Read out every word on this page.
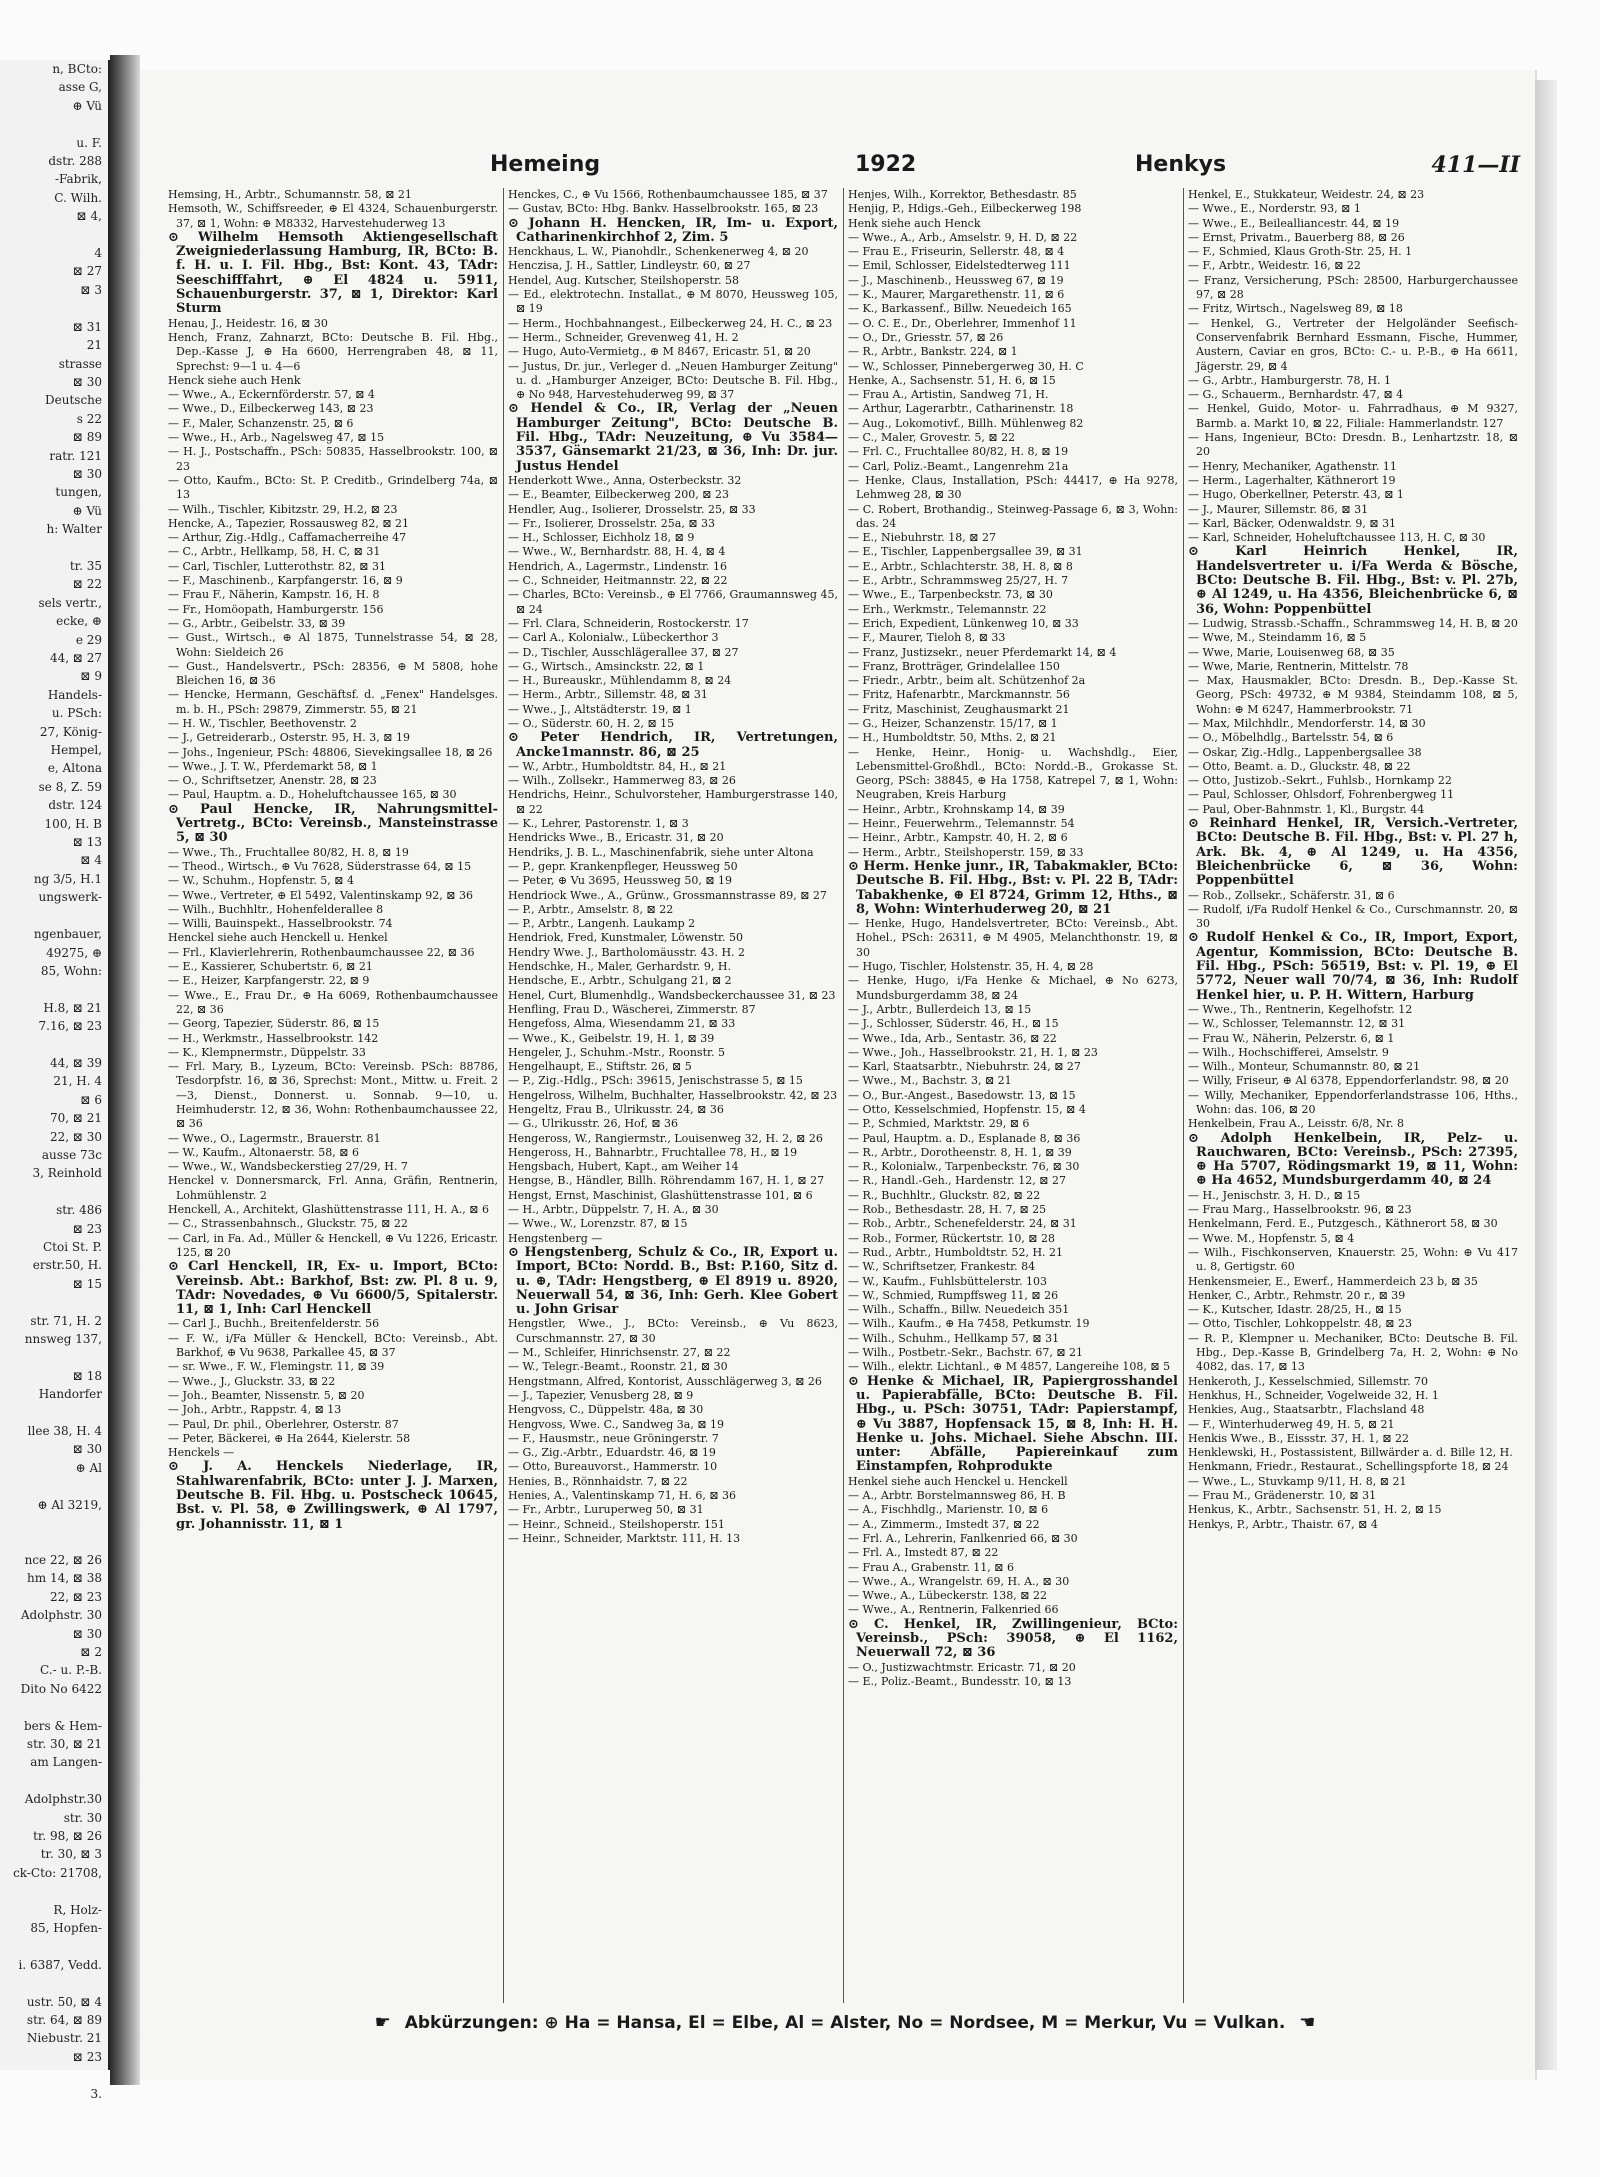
n, BCto:
asse G,
⊕ Vü

u. F.
dstr. 288
-Fabrik,
C. Wilh.
⊠ 4,

4
⊠ 27
⊠ 3

⊠ 31
21
strasse
⊠ 30
Deutsche
s 22
⊠ 89
ratr. 121
⊠ 30
tungen,
⊕ Vü
h: Walter

tr. 35
⊠ 22
sels vertr.,
ecke, ⊕
e 29
44, ⊠ 27
⊠ 9
Handels-
u. PSch:
27, König-
Hempel,
e, Altona
se 8, Z. 59
dstr. 124
100, H. B
⊠ 13
⊠ 4
ng 3/5, H.1
ungswerk-

ngenbauer,
49275, ⊕
85, Wohn:

H.8, ⊠ 21
7.16, ⊠ 23

44, ⊠ 39
21, H. 4
⊠ 6
70, ⊠ 21
22, ⊠ 30
ausse 73c
3, Reinhold

str. 486
⊠ 23
Ctoi St. P.
erstr.50, H.
⊠ 15

str. 71, H. 2
nnsweg 137,

⊠ 18
Handorfer

llee 38, H. 4
⊠ 30
⊕ Al

⊕ Al 3219,

nce 22, ⊠ 26
hm 14, ⊠ 38
22, ⊠ 23
Adolphstr. 30
⊠ 30
⊠ 2
C.- u. P.-B.
Dito No 6422

bers & Hem-
str. 30, ⊠ 21
am Langen-

Adolphstr.30
str. 30
tr. 98, ⊠ 26
tr. 30, ⊠ 3
ck-Cto: 21708,

R, Holz-
85, Hopfen-

i. 6387, Vedd.

ustr. 50, ⊠ 4
str. 64, ⊠ 89
Niebustr. 21
⊠ 23

3.
Hemeing	1922	Henkys	411—II

Hemsing, H., Arbtr., Schumannstr. 58, ⊠ 21

Hemsoth, W., Schiffsreeder, ⊕ El 4324, Schauenburgerstr. 37, ⊠ 1, Wohn: ⊕ M8332, Harvestehuderweg 13

⊙ Wilhelm Hemsoth Aktiengesellschaft Zweigniederlassung Hamburg, IR, BCto: B. f. H. u. I. Fil. Hbg., Bst: Kont. 43, TAdr: Seeschifffahrt, ⊕ El 4824 u. 5911, Schauenburgerstr. 37, ⊠ 1, Direktor: Karl Sturm

Henau, J., Heidestr. 16, ⊠ 30

Hench, Franz, Zahnarzt, BCto: Deutsche B. Fil. Hbg., Dep.-Kasse J, ⊕ Ha 6600, Herrengraben 48, ⊠ 11, Sprechst: 9—1 u. 4—6

Henck siehe auch Henk

— Wwe., A., Eckernförderstr. 57, ⊠ 4

— Wwe., D., Eilbeckerweg 143, ⊠ 23

— F., Maler, Schanzenstr. 25, ⊠ 6

— Wwe., H., Arb., Nagelsweg 47, ⊠ 15

— H. J., Postschaffn., PSch: 50835, Hasselbrookstr. 100, ⊠ 23

— Otto, Kaufm., BCto: St. P. Creditb., Grindelberg 74a, ⊠ 13

— Wilh., Tischler, Kibitzstr. 29, H.2, ⊠ 23

Hencke, A., Tapezier, Rossausweg 82, ⊠ 21

— Arthur, Zig.-Hdlg., Caffamacherreihe 47

— C., Arbtr., Hellkamp, 58, H. C, ⊠ 31

— Carl, Tischler, Lutterothstr. 82, ⊠ 31

— F., Maschinenb., Karpfangerstr. 16, ⊠ 9

— Frau F., Näherin, Kampstr. 16, H. 8

— Fr., Homöopath, Hamburgerstr. 156

— G., Arbtr., Geibelstr. 33, ⊠ 39

— Gust., Wirtsch., ⊕ Al 1875, Tunnelstrasse 54, ⊠ 28, Wohn: Sieldeich 26

— Gust., Handelsvertr., PSch: 28356, ⊕ M 5808, hohe Bleichen 16, ⊠ 36

— Hencke, Hermann, Geschäftsf. d. „Fenex" Handelsges. m. b. H., PSch: 29879, Zimmerstr. 55, ⊠ 21

— H. W., Tischler, Beethovenstr. 2

— J., Getreiderarb., Osterstr. 95, H. 3, ⊠ 19

— Johs., Ingenieur, PSch: 48806, Sievekingsallee 18, ⊠ 26

— Wwe., J. T. W., Pferdemarkt 58, ⊠ 1

— O., Schriftsetzer, Anenstr. 28, ⊠ 23

— Paul, Hauptm. a. D., Hoheluftchaussee 165, ⊠ 30

⊙ Paul Hencke, IR, Nahrungsmittel-Vertretg., BCto: Vereinsb., Mansteinstrasse 5, ⊠ 30

— Wwe., Th., Fruchtallee 80/82, H. 8, ⊠ 19

— Theod., Wirtsch., ⊕ Vu 7628, Süderstrasse 64, ⊠ 15

— W., Schuhm., Hopfenstr. 5, ⊠ 4

— Wwe., Vertreter, ⊕ El 5492, Valentinskamp 92, ⊠ 36

— Wilh., Buchhltr., Hohenfelderallee 8

— Willi, Bauinspekt., Hasselbrookstr. 74

Henckel siehe auch Henckell u. Henkel

— Frl., Klavierlehrerin, Rothenbaumchaussee 22, ⊠ 36

— E., Kassierer, Schubertstr. 6, ⊠ 21

— E., Heizer, Karpfangerstr. 22, ⊠ 9

— Wwe., E., Frau Dr., ⊕ Ha 6069, Rothenbaumchaussee 22, ⊠ 36

— Georg, Tapezier, Süderstr. 86, ⊠ 15

— H., Werkmstr., Hasselbrookstr. 142

— K., Klempnermstr., Düppelstr. 33

— Frl. Mary, B., Lyzeum, BCto: Vereinsb. PSch: 88786, Tesdorpfstr. 16, ⊠ 36, Sprechst: Mont., Mittw. u. Freit. 2—3, Dienst., Donnerst. u. Sonnab. 9—10, u. Heimhuderstr. 12, ⊠ 36, Wohn: Rothenbaumchaussee 22, ⊠ 36

— Wwe., O., Lagermstr., Brauerstr. 81

— W., Kaufm., Altonaerstr. 58, ⊠ 6

— Wwe., W., Wandsbeckerstieg 27/29, H. 7

Henckel v. Donnersmarck, Frl. Anna, Gräfin, Rentnerin, Lohmühlenstr. 2

Henckell, A., Architekt, Glashüttenstrasse 111, H. A., ⊠ 6

— C., Strassenbahnsch., Gluckstr. 75, ⊠ 22

— Carl, in Fa. Ad., Müller & Henckell, ⊕ Vu 1226, Ericastr. 125, ⊠ 20

⊙ Carl Henckell, IR, Ex- u. Import, BCto: Vereinsb. Abt.: Barkhof, Bst: zw. Pl. 8 u. 9, TAdr: Novedades, ⊕ Vu 6600/5, Spitalerstr. 11, ⊠ 1, Inh: Carl Henckell

— Carl J., Buchh., Breitenfelderstr. 56

— F. W., i/Fa Müller & Henckell, BCto: Vereinsb., Abt. Barkhof, ⊕ Vu 9638, Parkallee 45, ⊠ 37

— sr. Wwe., F. W., Flemingstr. 11, ⊠ 39

— Wwe., J., Gluckstr. 33, ⊠ 22

— Joh., Beamter, Nissenstr. 5, ⊠ 20

— Joh., Arbtr., Rappstr. 4, ⊠ 13

— Paul, Dr. phil., Oberlehrer, Osterstr. 87

— Peter, Bäckerei, ⊕ Ha 2644, Kielerstr. 58

Henckels —

⊙ J. A. Henckels Niederlage, IR, Stahlwarenfabrik, BCto: unter J. J. Marxen, Deutsche B. Fil. Hbg. u. Postscheck 10645, Bst. v. Pl. 58, ⊕ Zwillingswerk, ⊕ Al 1797, gr. Johannisstr. 11, ⊠ 1

Henckes, C., ⊕ Vu 1566, Rothenbaumchaussee 185, ⊠ 37

— Gustav, BCto: Hbg. Bankv. Hasselbrookstr. 165, ⊠ 23

⊙ Johann H. Hencken, IR, Im- u. Export, Catharinenkirchhof 2, Zim. 5

Henckhaus, L. W., Pianohdlr., Schenkenerweg 4, ⊠ 20

Henczisa, J. H., Sattler, Lindleystr. 60, ⊠ 27

Hendel, Aug. Kutscher, Steilshoperstr. 58

— Ed., elektrotechn. Installat., ⊕ M 8070, Heussweg 105, ⊠ 19

— Herm., Hochbahnangest., Eilbeckerweg 24, H. C., ⊠ 23

— Herm., Schneider, Grevenweg 41, H. 2

— Hugo, Auto-Vermietg., ⊕ M 8467, Ericastr. 51, ⊠ 20

— Justus, Dr. jur., Verleger d. „Neuen Hamburger Zeitung" u. d. „Hamburger Anzeiger, BCto: Deutsche B. Fil. Hbg., ⊕ No 948, Harvestehuderweg 99, ⊠ 37

⊙ Hendel & Co., IR, Verlag der „Neuen Hamburger Zeitung", BCto: Deutsche B. Fil. Hbg., TAdr: Neuzeitung, ⊕ Vu 3584—3537, Gänsemarkt 21/23, ⊠ 36, Inh: Dr. jur. Justus Hendel

Henderkott Wwe., Anna, Osterbeckstr. 32

— E., Beamter, Eilbeckerweg 200, ⊠ 23

Hendler, Aug., Isolierer, Drosselstr. 25, ⊠ 33

— Fr., Isolierer, Drosselstr. 25a, ⊠ 33

— H., Schlosser, Eichholz 18, ⊠ 9

— Wwe., W., Bernhardstr. 88, H. 4, ⊠ 4

Hendrich, A., Lagermstr., Lindenstr. 16

— C., Schneider, Heitmannstr. 22, ⊠ 22

— Charles, BCto: Vereinsb., ⊕ El 7766, Graumannsweg 45, ⊠ 24

— Frl. Clara, Schneiderin, Rostockerstr. 17

— Carl A., Kolonialw., Lübeckerthor 3

— D., Tischler, Ausschlägerallee 37, ⊠ 27

— G., Wirtsch., Amsinckstr. 22, ⊠ 1

— H., Bureauskr., Mühlendamm 8, ⊠ 24

— Herm., Arbtr., Sillemstr. 48, ⊠ 31

— Wwe., J., Altstädterstr. 19, ⊠ 1

— O., Süderstr. 60, H. 2, ⊠ 15

⊙ Peter Hendrich, IR, Vertretungen, Ancke1mannstr. 86, ⊠ 25

— W., Arbtr., Humboldtstr. 84, H., ⊠ 21

— Wilh., Zollsekr., Hammerweg 83, ⊠ 26

Hendrichs, Heinr., Schulvorsteher, Hamburgerstrasse 140, ⊠ 22

— K., Lehrer, Pastorenstr. 1, ⊠ 3

Hendricks Wwe., B., Ericastr. 31, ⊠ 20

Hendriks, J. B. L., Maschinenfabrik, siehe unter Altona

— P., gepr. Krankenpfleger, Heussweg 50

— Peter, ⊕ Vu 3695, Heussweg 50, ⊠ 19

Hendriock Wwe., A., Grünw., Grossmannstrasse 89, ⊠ 27

— P., Arbtr., Amselstr. 8, ⊠ 22

— P., Arbtr., Langenh. Laukamp 2

Hendriok, Fred, Kunstmaler, Löwenstr. 50

Hendry Wwe. J., Bartholomäusstr. 43. H. 2

Hendschke, H., Maler, Gerhardstr. 9, H.

Hendsche, E., Arbtr., Schulgang 21, ⊠ 2

Henel, Curt, Blumenhdlg., Wandsbeckerchaussee 31, ⊠ 23

Henfling, Frau D., Wäscherei, Zimmerstr. 87

Hengefoss, Alma, Wiesendamm 21, ⊠ 33

— Wwe., K., Geibelstr. 19, H. 1, ⊠ 39

Hengeler, J., Schuhm.-Mstr., Roonstr. 5

Hengelhaupt, E., Stiftstr. 26, ⊠ 5

— P., Zig.-Hdlg., PSch: 39615, Jenischstrasse 5, ⊠ 15

Hengelross, Wilhelm, Buchhalter, Hasselbrookstr. 42, ⊠ 23

Hengeltz, Frau B., Ulrikusstr. 24, ⊠ 36

— G., Ulrikusstr. 26, Hof, ⊠ 36

Hengeross, W., Rangiermstr., Louisenweg 32, H. 2, ⊠ 26

Hengeross, H., Bahnarbtr., Fruchtallee 78, H., ⊠ 19

Hengsbach, Hubert, Kapt., am Weiher 14

Hengse, B., Händler, Billh. Röhrendamm 167, H. 1, ⊠ 27

Hengst, Ernst, Maschinist, Glashüttenstrasse 101, ⊠ 6

— H., Arbtr., Düppelstr. 7, H. A., ⊠ 30

— Wwe., W., Lorenzstr. 87, ⊠ 15

Hengstenberg —

⊙ Hengstenberg, Schulz & Co., IR, Export u. Import, BCto: Nordd. B., Bst: P.160, Sitz d. u. ⊕, TAdr: Hengstberg, ⊕ El 8919 u. 8920, Neuerwall 54, ⊠ 36, Inh: Gerh. Klee Gobert u. John Grisar

Hengstler, Wwe., J., BCto: Vereinsb., ⊕ Vu 8623, Curschmannstr. 27, ⊠ 30

— M., Schleifer, Hinrichsenstr. 27, ⊠ 22

— W., Telegr.-Beamt., Roonstr. 21, ⊠ 30

Hengstmann, Alfred, Kontorist, Ausschlägerweg 3, ⊠ 26

— J., Tapezier, Venusberg 28, ⊠ 9

Hengvoss, C., Düppelstr. 48a, ⊠ 30

Hengvoss, Wwe. C., Sandweg 3a, ⊠ 19

— F., Hausmstr., neue Gröningerstr. 7

— G., Zig.-Arbtr., Eduardstr. 46, ⊠ 19

— Otto, Bureauvorst., Hammerstr. 10

Henies, B., Rönnhaidstr. 7, ⊠ 22

Henies, A., Valentinskamp 71, H. 6, ⊠ 36

— Fr., Arbtr., Luruperweg 50, ⊠ 31

— Heinr., Schneid., Steilshoperstr. 151

— Heinr., Schneider, Marktstr. 111, H. 13

Henjes, Wilh., Korrektor, Bethesdastr. 85

Henjig, P., Hdigs.-Geh., Eilbeckerweg 198

Henk siehe auch Henck

— Wwe., A., Arb., Amselstr. 9, H. D, ⊠ 22

— Frau E., Friseurin, Sellerstr. 48, ⊠ 4

— Emil, Schlosser, Eidelstedterweg 111

— J., Maschinenb., Heussweg 67, ⊠ 19

— K., Maurer, Margarethenstr. 11, ⊠ 6

— K., Barkassenf., Billw. Neuedeich 165

— O. C. E., Dr., Oberlehrer, Immenhof 11

— O., Dr., Griesstr. 57, ⊠ 26

— R., Arbtr., Bankstr. 224, ⊠ 1

— W., Schlosser, Pinnebergerweg 30, H. C

Henke, A., Sachsenstr. 51, H. 6, ⊠ 15

— Frau A., Artistin, Sandweg 71, H.

— Arthur, Lagerarbtr., Catharinenstr. 18

— Aug., Lokomotivf., Billh. Mühlenweg 82

— C., Maler, Grovestr. 5, ⊠ 22

— Frl. C., Fruchtallee 80/82, H. 8, ⊠ 19

— Carl, Poliz.-Beamt., Langenrehm 21a

— Henke, Claus, Installation, PSch: 44417, ⊕ Ha 9278, Lehmweg 28, ⊠ 30

— C. Robert, Brothandig., Steinweg-Passage 6, ⊠ 3, Wohn: das. 24

— E., Niebuhrstr. 18, ⊠ 27

— E., Tischler, Lappenbergsallee 39, ⊠ 31

— E., Arbtr., Schlachterstr. 38, H. 8, ⊠ 8

— E., Arbtr., Schrammsweg 25/27, H. 7

— Wwe., E., Tarpenbeckstr. 73, ⊠ 30

— Erh., Werkmstr., Telemannstr. 22

— Erich, Expedient, Lünkenweg 10, ⊠ 33

— F., Maurer, Tieloh 8, ⊠ 33

— Franz, Justizsekr., neuer Pferdemarkt 14, ⊠ 4

— Franz, Brotträger, Grindelallee 150

— Friedr., Arbtr., beim alt. Schützenhof 2a

— Fritz, Hafenarbtr., Marckmannstr. 56

— Fritz, Maschinist, Zeughausmarkt 21

— G., Heizer, Schanzenstr. 15/17, ⊠ 1

— H., Humboldtstr. 50, Mths. 2, ⊠ 21

— Henke, Heinr., Honig- u. Wachshdlg., Eier, Lebensmittel-Großhdl., BCto: Nordd.-B., Grokasse St. Georg, PSch: 38845, ⊕ Ha 1758, Katrepel 7, ⊠ 1, Wohn: Neugraben, Kreis Harburg

— Heinr., Arbtr., Krohnskamp 14, ⊠ 39

— Heinr., Feuerwehrm., Telemannstr. 54

— Heinr., Arbtr., Kampstr. 40, H. 2, ⊠ 6

— Herm., Arbtr., Steilshoperstr. 159, ⊠ 33

⊙ Herm. Henke junr., IR, Tabakmakler, BCto: Deutsche B. Fil. Hbg., Bst: v. Pl. 22 B, TAdr: Tabakhenke, ⊕ El 8724, Grimm 12, Hths., ⊠ 8, Wohn: Winterhuderweg 20, ⊠ 21

— Henke, Hugo, Handelsvertreter, BCto: Vereinsb., Abt. Hohel., PSch: 26311, ⊕ M 4905, Melanchthonstr. 19, ⊠ 30

— Hugo, Tischler, Holstenstr. 35, H. 4, ⊠ 28

— Henke, Hugo, i/Fa Henke & Michael, ⊕ No 6273, Mundsburgerdamm 38, ⊠ 24

— J., Arbtr., Bullerdeich 13, ⊠ 15

— J., Schlosser, Süderstr. 46, H., ⊠ 15

— Wwe., Ida, Arb., Sentastr. 36, ⊠ 22

— Wwe., Joh., Hasselbrookstr. 21, H. 1, ⊠ 23

— Karl, Staatsarbtr., Niebuhrstr. 24, ⊠ 27

— Wwe., M., Bachstr. 3, ⊠ 21

— O., Bur.-Angest., Basedowstr. 13, ⊠ 15

— Otto, Kesselschmied, Hopfenstr. 15, ⊠ 4

— P., Schmied, Marktstr. 29, ⊠ 6

— Paul, Hauptm. a. D., Esplanade 8, ⊠ 36

— R., Arbtr., Dorotheenstr. 8, H. 1, ⊠ 39

— R., Kolonialw., Tarpenbeckstr. 76, ⊠ 30

— R., Handl.-Geh., Hardenstr. 12, ⊠ 27

— R., Buchhltr., Gluckstr. 82, ⊠ 22

— Rob., Bethesdastr. 28, H. 7, ⊠ 25

— Rob., Arbtr., Schenefelderstr. 24, ⊠ 31

— Rob., Former, Rückertstr. 10, ⊠ 28

— Rud., Arbtr., Humboldtstr. 52, H. 21

— W., Schriftsetzer, Frankestr. 84

— W., Kaufm., Fuhlsbüttelerstr. 103

— W., Schmied, Rumpffsweg 11, ⊠ 26

— Wilh., Schaffn., Billw. Neuedeich 351

— Wilh., Kaufm., ⊕ Ha 7458, Petkumstr. 19

— Wilh., Schuhm., Hellkamp 57, ⊠ 31

— Wilh., Postbetr.-Sekr., Bachstr. 67, ⊠ 21

— Wilh., elektr. Lichtanl., ⊕ M 4857, Langereihe 108, ⊠ 5

⊙ Henke & Michael, IR, Papiergrosshandel u. Papierabfälle, BCto: Deutsche B. Fil. Hbg., u. PSch: 30751, TAdr: Papierstampf, ⊕ Vu 3887, Hopfensack 15, ⊠ 8, Inh: H. H. Henke u. Johs. Michael. Siehe Abschn. III. unter: Abfälle, Papiereinkauf zum Einstampfen, Rohprodukte

Henkel siehe auch Henckel u. Henckell

— A., Arbtr. Borstelmannsweg 86, H. B

— A., Fischhdlg., Marienstr. 10, ⊠ 6

— A., Zimmerm., Imstedt 37, ⊠ 22

— Frl. A., Lehrerin, Fanlkenried 66, ⊠ 30

— Frl. A., Imstedt 87, ⊠ 22

— Frau A., Grabenstr. 11, ⊠ 6

— Wwe., A., Wrangelstr. 69, H. A., ⊠ 30

— Wwe., A., Lübeckerstr. 138, ⊠ 22

— Wwe., A., Rentnerin, Falkenried 66

⊙ C. Henkel, IR, Zwillingenieur, BCto: Vereinsb., PSch: 39058, ⊕ El 1162, Neuerwall 72, ⊠ 36

— O., Justizwachtmstr. Ericastr. 71, ⊠ 20

— E., Poliz.-Beamt., Bundesstr. 10, ⊠ 13

Henkel, E., Stukkateur, Weidestr. 24, ⊠ 23

— Wwe., E., Norderstr. 93, ⊠ 1

— Wwe., E., Beilealliancestr. 44, ⊠ 19

— Ernst, Privatm., Bauerberg 88, ⊠ 26

— F., Schmied, Klaus Groth-Str. 25, H. 1

— F., Arbtr., Weidestr. 16, ⊠ 22

— Franz, Versicherung, PSch: 28500, Harburgerchaussee 97, ⊠ 28

— Fritz, Wirtsch., Nagelsweg 89, ⊠ 18

— Henkel, G., Vertreter der Helgoländer Seefisch-Conservenfabrik Bernhard Essmann, Fische, Hummer, Austern, Caviar en gros, BCto: C.- u. P.-B., ⊕ Ha 6611, Jägerstr. 29, ⊠ 4

— G., Arbtr., Hamburgerstr. 78, H. 1

— G., Schauerm., Bernhardstr. 47, ⊠ 4

— Henkel, Guido, Motor- u. Fahrradhaus, ⊕ M 9327, Barmb. a. Markt 10, ⊠ 22, Filiale: Hammerlandstr. 127

— Hans, Ingenieur, BCto: Dresdn. B., Lenhartzstr. 18, ⊠ 20

— Henry, Mechaniker, Agathenstr. 11

— Herm., Lagerhalter, Käthnerort 19

— Hugo, Oberkellner, Peterstr. 43, ⊠ 1

— J., Maurer, Sillemstr. 86, ⊠ 31

— Karl, Bäcker, Odenwaldstr. 9, ⊠ 31

— Karl, Schneider, Hoheluftchaussee 113, H. C, ⊠ 30

⊙ Karl Heinrich Henkel, IR, Handelsvertreter u. i/Fa Werda & Bösche, BCto: Deutsche B. Fil. Hbg., Bst: v. Pl. 27b, ⊕ Al 1249, u. Ha 4356, Bleichenbrücke 6, ⊠ 36, Wohn: Poppenbüttel

— Ludwig, Strassb.-Schaffn., Schrammsweg 14, H. B, ⊠ 20

— Wwe, M., Steindamm 16, ⊠ 5

— Wwe, Marie, Louisenweg 68, ⊠ 35

— Wwe, Marie, Rentnerin, Mittelstr. 78

— Max, Hausmakler, BCto: Dresdn. B., Dep.-Kasse St. Georg, PSch: 49732, ⊕ M 9384, Steindamm 108, ⊠ 5, Wohn: ⊕ M 6247, Hammerbrookstr. 71

— Max, Milchhdlr., Mendorferstr. 14, ⊠ 30

— O., Möbelhdlg., Bartelsstr. 54, ⊠ 6

— Oskar, Zig.-Hdlg., Lappenbergsallee 38

— Otto, Beamt. a. D., Gluckstr. 48, ⊠ 22

— Otto, Justizob.-Sekrt., Fuhlsb., Hornkamp 22

— Paul, Schlosser, Ohlsdorf, Fohrenbergweg 11

— Paul, Ober-Bahnmstr. 1, Kl., Burgstr. 44

⊙ Reinhard Henkel, IR, Versich.-Vertreter, BCto: Deutsche B. Fil. Hbg., Bst: v. Pl. 27 h, Ark. Bk. 4, ⊕ Al 1249, u. Ha 4356, Bleichenbrücke 6, ⊠ 36, Wohn: Poppenbüttel

— Rob., Zollsekr., Schäferstr. 31, ⊠ 6

— Rudolf, i/Fa Rudolf Henkel & Co., Curschmannstr. 20, ⊠ 30

⊙ Rudolf Henkel & Co., IR, Import, Export, Agentur, Kommission, BCto: Deutsche B. Fil. Hbg., PSch: 56519, Bst: v. Pl. 19, ⊕ El 5772, Neuer wall 70/74, ⊠ 36, Inh: Rudolf Henkel hier, u. P. H. Wittern, Harburg

— Wwe., Th., Rentnerin, Kegelhofstr. 12

— W., Schlosser, Telemannstr. 12, ⊠ 31

— Frau W., Näherin, Pelzerstr. 6, ⊠ 1

— Wilh., Hochschifferei, Amselstr. 9

— Wilh., Monteur, Schumannstr. 80, ⊠ 21

— Willy, Friseur, ⊕ Al 6378, Eppendorferlandstr. 98, ⊠ 20

— Willy, Mechaniker, Eppendorferlandstrasse 106, Hths., Wohn: das. 106, ⊠ 20

Henkelbein, Frau A., Leisstr. 6/8, Nr. 8

⊙ Adolph Henkelbein, IR, Pelz- u. Rauchwaren, BCto: Vereinsb., PSch: 27395, ⊕ Ha 5707, Rödingsmarkt 19, ⊠ 11, Wohn: ⊕ Ha 4652, Mundsburgerdamm 40, ⊠ 24

— H., Jenischstr. 3, H. D., ⊠ 15

— Frau Marg., Hasselbrookstr. 96, ⊠ 23

Henkelmann, Ferd. E., Putzgesch., Käthnerort 58, ⊠ 30

— Wwe. M., Hopfenstr. 5, ⊠ 4

— Wilh., Fischkonserven, Knauerstr. 25, Wohn: ⊕ Vu 417 u. 8, Gertigstr. 60

Henkensmeier, E., Ewerf., Hammerdeich 23 b, ⊠ 35

Henker, C., Arbtr., Rehmstr. 20 r., ⊠ 39

— K., Kutscher, Idastr. 28/25, H., ⊠ 15

— Otto, Tischler, Lohkoppelstr. 48, ⊠ 23

— R. P., Klempner u. Mechaniker, BCto: Deutsche B. Fil. Hbg., Dep.-Kasse B, Grindelberg 7a, H. 2, Wohn: ⊕ No 4082, das. 17, ⊠ 13

Henkeroth, J., Kesselschmied, Sillemstr. 70

Henkhus, H., Schneider, Vogelweide 32, H. 1

Henkies, Aug., Staatsarbtr., Flachsland 48

— F., Winterhuderweg 49, H. 5, ⊠ 21

Henkis Wwe., B., Eissstr. 37, H. 1, ⊠ 22

Henklewski, H., Postassistent, Billwärder a. d. Bille 12, H.

Henkmann, Friedr., Restaurat., Schellingspforte 18, ⊠ 24

— Wwe., L., Stuvkamp 9/11, H. 8, ⊠ 21

— Frau M., Grädenerstr. 10, ⊠ 31

Henkus, K., Arbtr., Sachsenstr. 51, H. 2, ⊠ 15

Henkys, P., Arbtr., Thaistr. 67, ⊠ 4

☛ Abkürzungen: ⊕ Ha = Hansa, El = Elbe, Al = Alster, No = Nordsee, M = Merkur, Vu = Vulkan. ☚
